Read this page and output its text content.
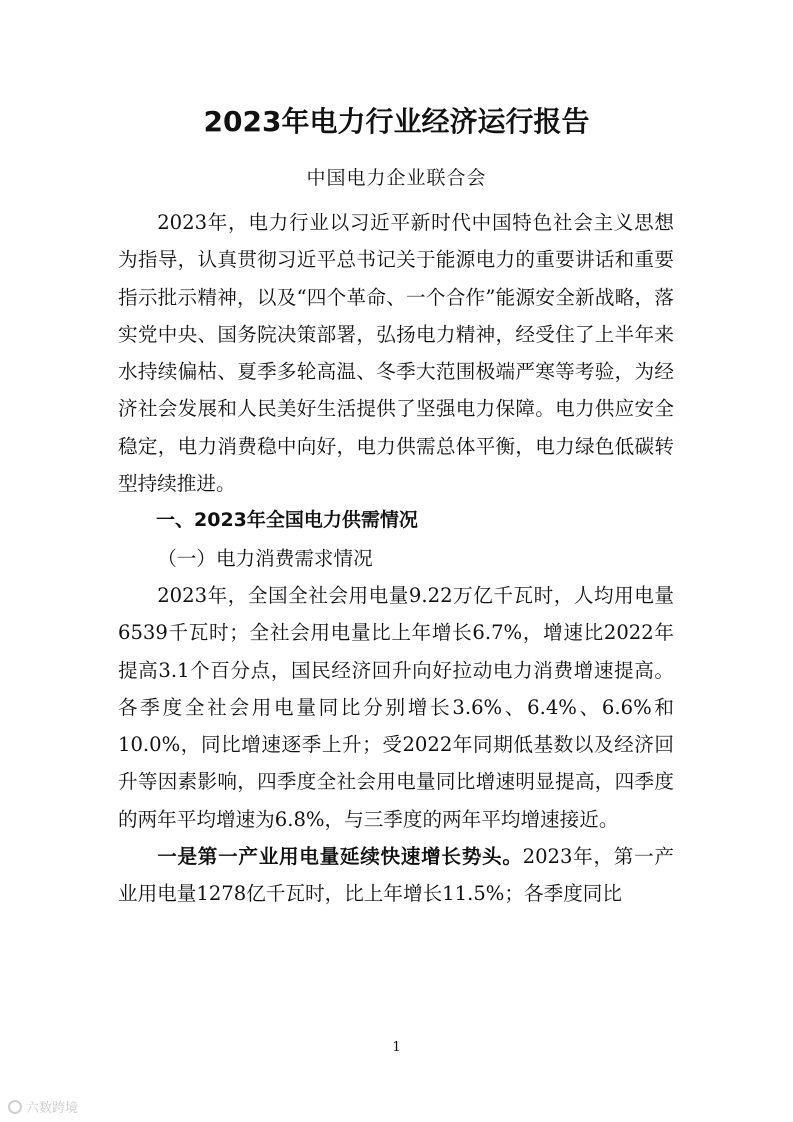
2023年电力行业经济运行报告
中国电力企业联合会

2023年，电力行业以习近平新时代中国特色社会主义思想为指导，认真贯彻习近平总书记关于能源电力的重要讲话和重要指示批示精神，以及“四个革命、一个合作”能源安全新战略，落实党中央、国务院决策部署，弘扬电力精神，经受住了上半年来水持续偏枯、夏季多轮高温、冬季大范围极端严寒等考验，为经济社会发展和人民美好生活提供了坚强电力保障。电力供应安全稳定，电力消费稳中向好，电力供需总体平衡，电力绿色低碳转型持续推进。

一、2023年全国电力供需情况

（一）电力消费需求情况

2023年，全国全社会用电量9.22万亿千瓦时，人均用电量6539千瓦时；全社会用电量比上年增长6.7%，增速比2022年提高3.1个百分点，国民经济回升向好拉动电力消费增速提高。各季度全社会用电量同比分别增长3.6%、6.4%、6.6%和10.0%，同比增速逐季上升；受2022年同期低基数以及经济回升等因素影响，四季度全社会用电量同比增速明显提高，四季度的两年平均增速为6.8%，与三季度的两年平均增速接近。

一是第一产业用电量延续快速增长势头。2023年，第一产业用电量1278亿千瓦时，比上年增长11.5%；各季度同比

1
六数跨境
